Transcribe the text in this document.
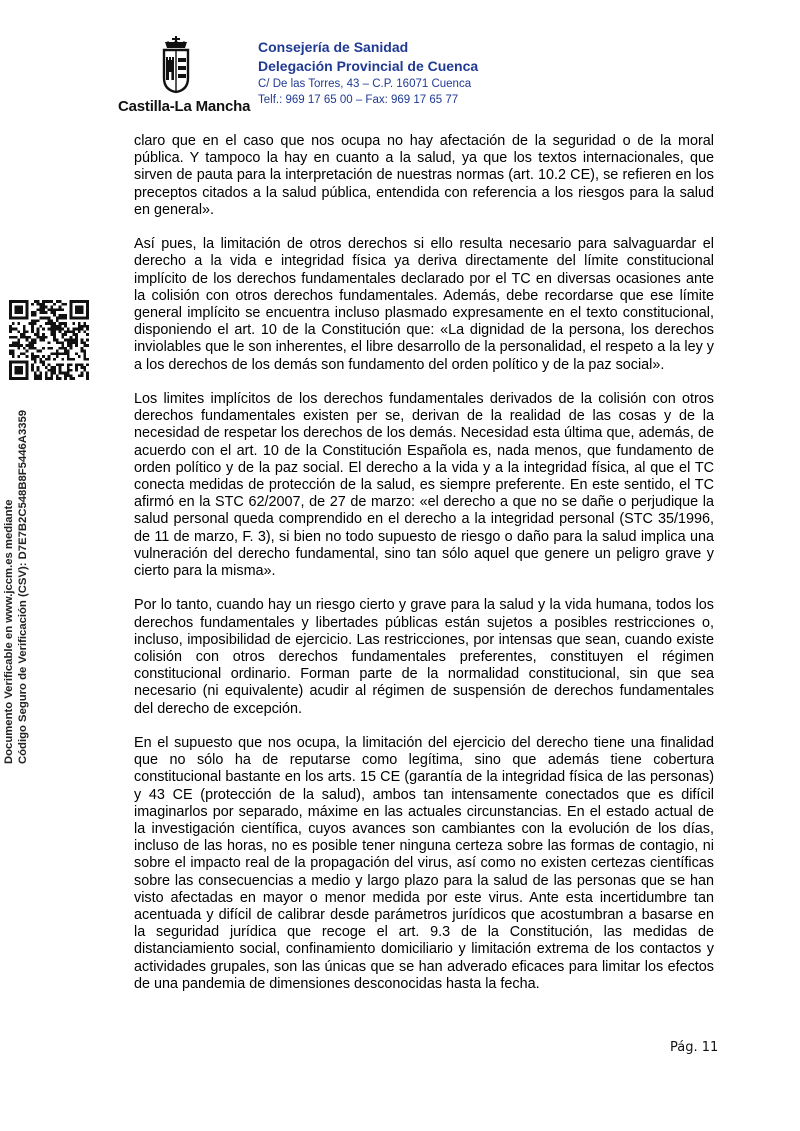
Castilla-La Mancha
Consejería de Sanidad
Delegación Provincial de Cuenca
C/ De las Torres, 43 – C.P. 16071 Cuenca
Telf.: 969 17 65 00 – Fax: 969 17 65 77
Documento Verificable en www.jccm.es mediante Código Seguro de Verificación (CSV): D7E7B2C548B8F5446A3359

claro que en el caso que nos ocupa no hay afectación de la seguridad o de la moral pública. Y tampoco la hay en cuanto a la salud, ya que los textos internacionales, que sirven de pauta para la interpretación de nuestras normas (art. 10.2 CE), se refieren en los preceptos citados a la salud pública, entendida con referencia a los riesgos para la salud en general».

Así pues, la limitación de otros derechos si ello resulta necesario para salvaguardar el derecho a la vida e integridad física ya deriva directamente del límite constitucional implícito de los derechos fundamentales declarado por el TC en diversas ocasiones ante la colisión con otros derechos fundamentales. Además, debe recordarse que ese límite general implícito se encuentra incluso plasmado expresamente en el texto constitucional, disponiendo el art. 10 de la Constitución que: «La dignidad de la persona, los derechos inviolables que le son inherentes, el libre desarrollo de la personalidad, el respeto a la ley y a los derechos de los demás son fundamento del orden político y de la paz social».

Los limites implícitos de los derechos fundamentales derivados de la colisión con otros derechos fundamentales existen per se, derivan de la realidad de las cosas y de la necesidad de respetar los derechos de los demás. Necesidad esta última que, además, de acuerdo con el art. 10 de la Constitución Española es, nada menos, que fundamento de orden político y de la paz social. El derecho a la vida y a la integridad física, al que el TC conecta medidas de protección de la salud, es siempre preferente. En este sentido, el TC afirmó en la STC 62/2007, de 27 de marzo: «el derecho a que no se dañe o perjudique la salud personal queda comprendido en el derecho a la integridad personal (STC 35/1996, de 11 de marzo, F. 3), si bien no todo supuesto de riesgo o daño para la salud implica una vulneración del derecho fundamental, sino tan sólo aquel que genere un peligro grave y cierto para la misma».

Por lo tanto, cuando hay un riesgo cierto y grave para la salud y la vida humana, todos los derechos fundamentales y libertades públicas están sujetos a posibles restricciones o, incluso, imposibilidad de ejercicio. Las restricciones, por intensas que sean, cuando existe colisión con otros derechos fundamentales preferentes, constituyen el régimen constitucional ordinario. Forman parte de la normalidad constitucional, sin que sea necesario (ni equivalente) acudir al régimen de suspensión de derechos fundamentales del derecho de excepción.

En el supuesto que nos ocupa, la limitación del ejercicio del derecho tiene una finalidad que no sólo ha de reputarse como legítima, sino que además tiene cobertura constitucional bastante en los arts. 15 CE (garantía de la integridad física de las personas) y 43 CE (protección de la salud), ambos tan intensamente conectados que es difícil imaginarlos por separado, máxime en las actuales circunstancias. En el estado actual de la investigación científica, cuyos avances son cambiantes con la evolución de los días, incluso de las horas, no es posible tener ninguna certeza sobre las formas de contagio, ni sobre el impacto real de la propagación del virus, así como no existen certezas científicas sobre las consecuencias a medio y largo plazo para la salud de las personas que se han visto afectadas en mayor o menor medida por este virus. Ante esta incertidumbre tan acentuada y difícil de calibrar desde parámetros jurídicos que acostumbran a basarse en la seguridad jurídica que recoge el art. 9.3 de la Constitución, las medidas de distanciamiento social, confinamiento domiciliario y limitación extrema de los contactos y actividades grupales, son las únicas que se han adverado eficaces para limitar los efectos de una pandemia de dimensiones desconocidas hasta la fecha.

Pág. 11
